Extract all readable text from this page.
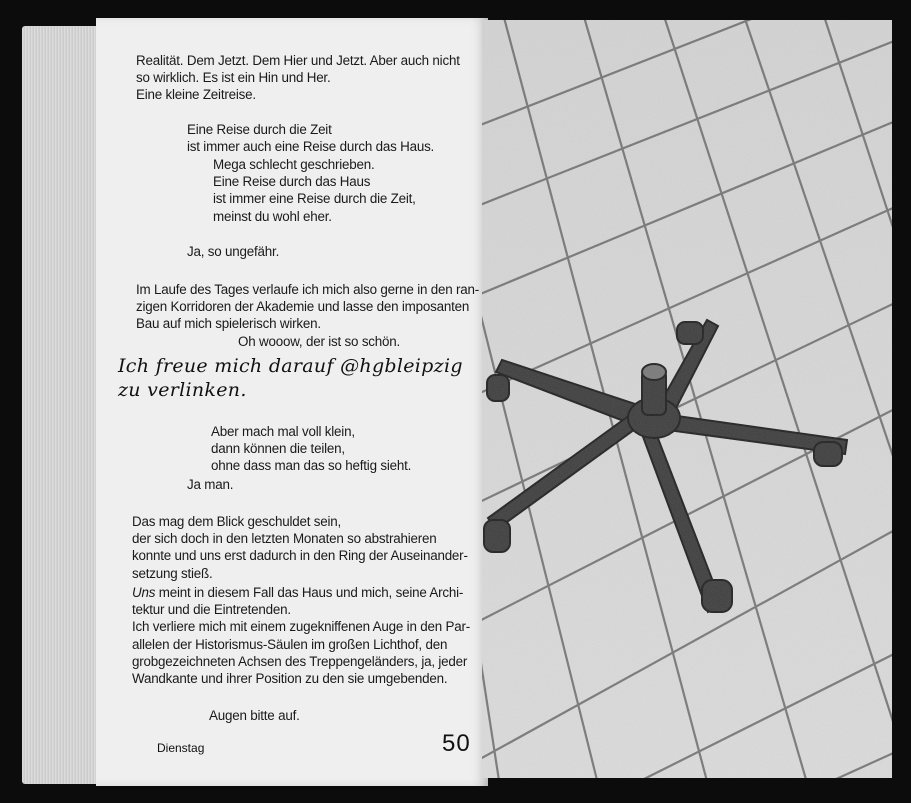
Realität. Dem Jetzt. Dem Hier und Jetzt. Aber auch nicht
so wirklich. Es ist ein Hin und Her.
Eine kleine Zeitreise.
Eine Reise durch die Zeit
ist immer auch eine Reise durch das Haus.
Mega schlecht geschrieben.
Eine Reise durch das Haus
ist immer eine Reise durch die Zeit,
meinst du wohl eher.
Ja, so ungefähr.
Im Laufe des Tages verlaufe ich mich also gerne in den ran-
zigen Korridoren der Akademie und lasse den imposanten
Bau auf mich spielerisch wirken.
Oh wooow, der ist so schön.
Ich freue mich darauf @hgbleipzig
zu verlinken.
Aber mach mal voll klein,
dann können die teilen,
ohne dass man das so heftig sieht.
Ja man.
Das mag dem Blick geschuldet sein,
der sich doch in den letzten Monaten so abstrahieren
konnte und uns erst dadurch in den Ring der Auseinander-
setzung stieß.
Uns meint in diesem Fall das Haus und mich, seine Archi-
tektur und die Eintretenden.
Ich verliere mich mit einem zugekniffenen Auge in den Par-
allelen der Historismus-Säulen im großen Lichthof, den
grobgezeichneten Achsen des Treppengeländers, ja, jeder
Wandkante und ihrer Position zu den sie umgebenden.
Augen bitte auf.
Dienstag	50
